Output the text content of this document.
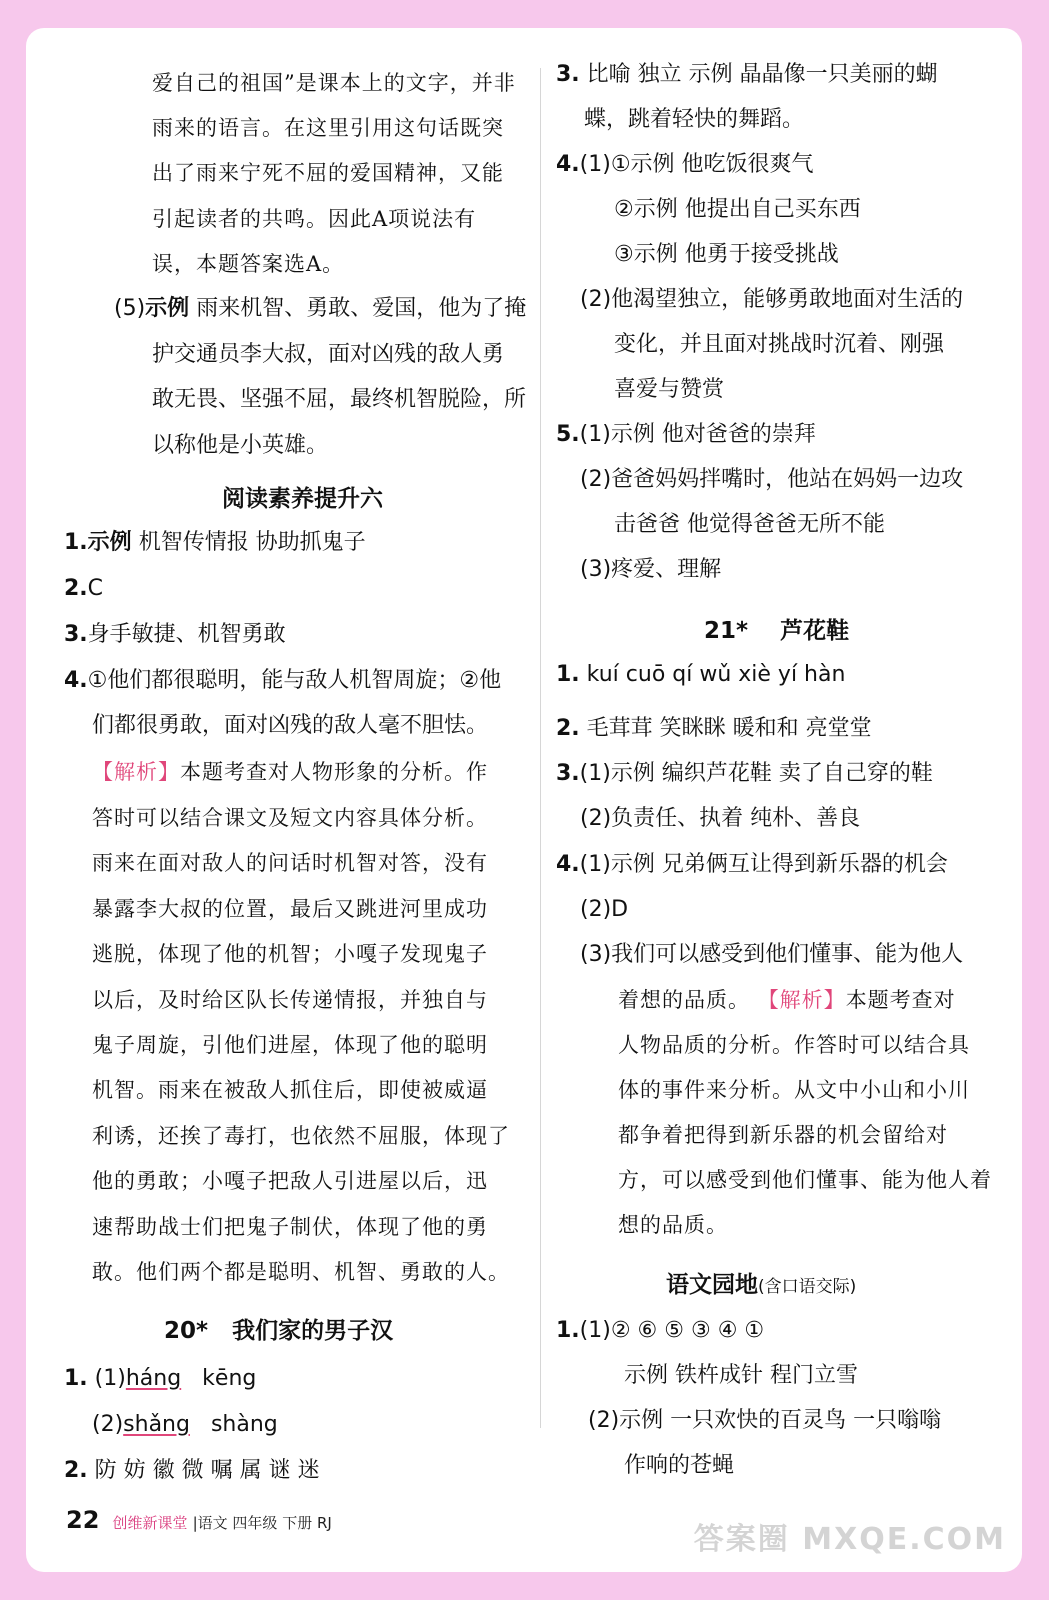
爱自己的祖国”是课本上的文字，并非
雨来的语言。在这里引用这句话既突
出了雨来宁死不屈的爱国精神，又能
引起读者的共鸣。因此A项说法有
误，本题答案选A。
(5)示例 雨来机智、勇敢、爱国，他为了掩
护交通员李大叔，面对凶残的敌人勇
敢无畏、坚强不屈，最终机智脱险，所
以称他是小英雄。
阅读素养提升六
1.示例 机智传情报 协助抓鬼子
2.C
3.身手敏捷、机智勇敢
4.①他们都很聪明，能与敌人机智周旋；②他
们都很勇敢，面对凶残的敌人毫不胆怯。
【解析】本题考查对人物形象的分析。作
答时可以结合课文及短文内容具体分析。
雨来在面对敌人的问话时机智对答，没有
暴露李大叔的位置，最后又跳进河里成功
逃脱，体现了他的机智；小嘎子发现鬼子
以后，及时给区队长传递情报，并独自与
鬼子周旋，引他们进屋，体现了他的聪明
机智。雨来在被敌人抓住后，即使被威逼
利诱，还挨了毒打，也依然不屈服，体现了
他的勇敢；小嘎子把敌人引进屋以后，迅
速帮助战士们把鬼子制伏，体现了他的勇
敢。他们两个都是聪明、机智、勇敢的人。
20* 我们家的男子汉
1. (1)háng kēng
(2)shǎng shàng
2. 防 妨 徽 微 嘱 属 谜 迷
3. 比喻 独立 示例 晶晶像一只美丽的蝴
蝶，跳着轻快的舞蹈。
4.(1)①示例 他吃饭很爽气
②示例 他提出自己买东西
③示例 他勇于接受挑战
(2)他渴望独立，能够勇敢地面对生活的
变化，并且面对挑战时沉着、刚强
喜爱与赞赏
5.(1)示例 他对爸爸的崇拜
(2)爸爸妈妈拌嘴时，他站在妈妈一边攻
击爸爸 他觉得爸爸无所不能
(3)疼爱、理解
21* 芦花鞋
1. kuí cuō qí wǔ xiè yí hàn
2. 毛茸茸 笑眯眯 暖和和 亮堂堂
3.(1)示例 编织芦花鞋 卖了自己穿的鞋
(2)负责任、执着 纯朴、善良
4.(1)示例 兄弟俩互让得到新乐器的机会
(2)D
(3)我们可以感受到他们懂事、能为他人
着想的品质。 【解析】本题考查对
人物品质的分析。作答时可以结合具
体的事件来分析。从文中小山和小川
都争着把得到新乐器的机会留给对
方，可以感受到他们懂事、能为他人着
想的品质。
语文园地(含口语交际)
1.(1)② ⑥ ⑤ ③ ④ ①
示例 铁杵成针 程门立雪
(2)示例 一只欢快的百灵鸟 一只嗡嗡
作响的苍蝇
22 创维新课堂 |语文 四年级 下册 RJ	答案圈 MXQE.COM
